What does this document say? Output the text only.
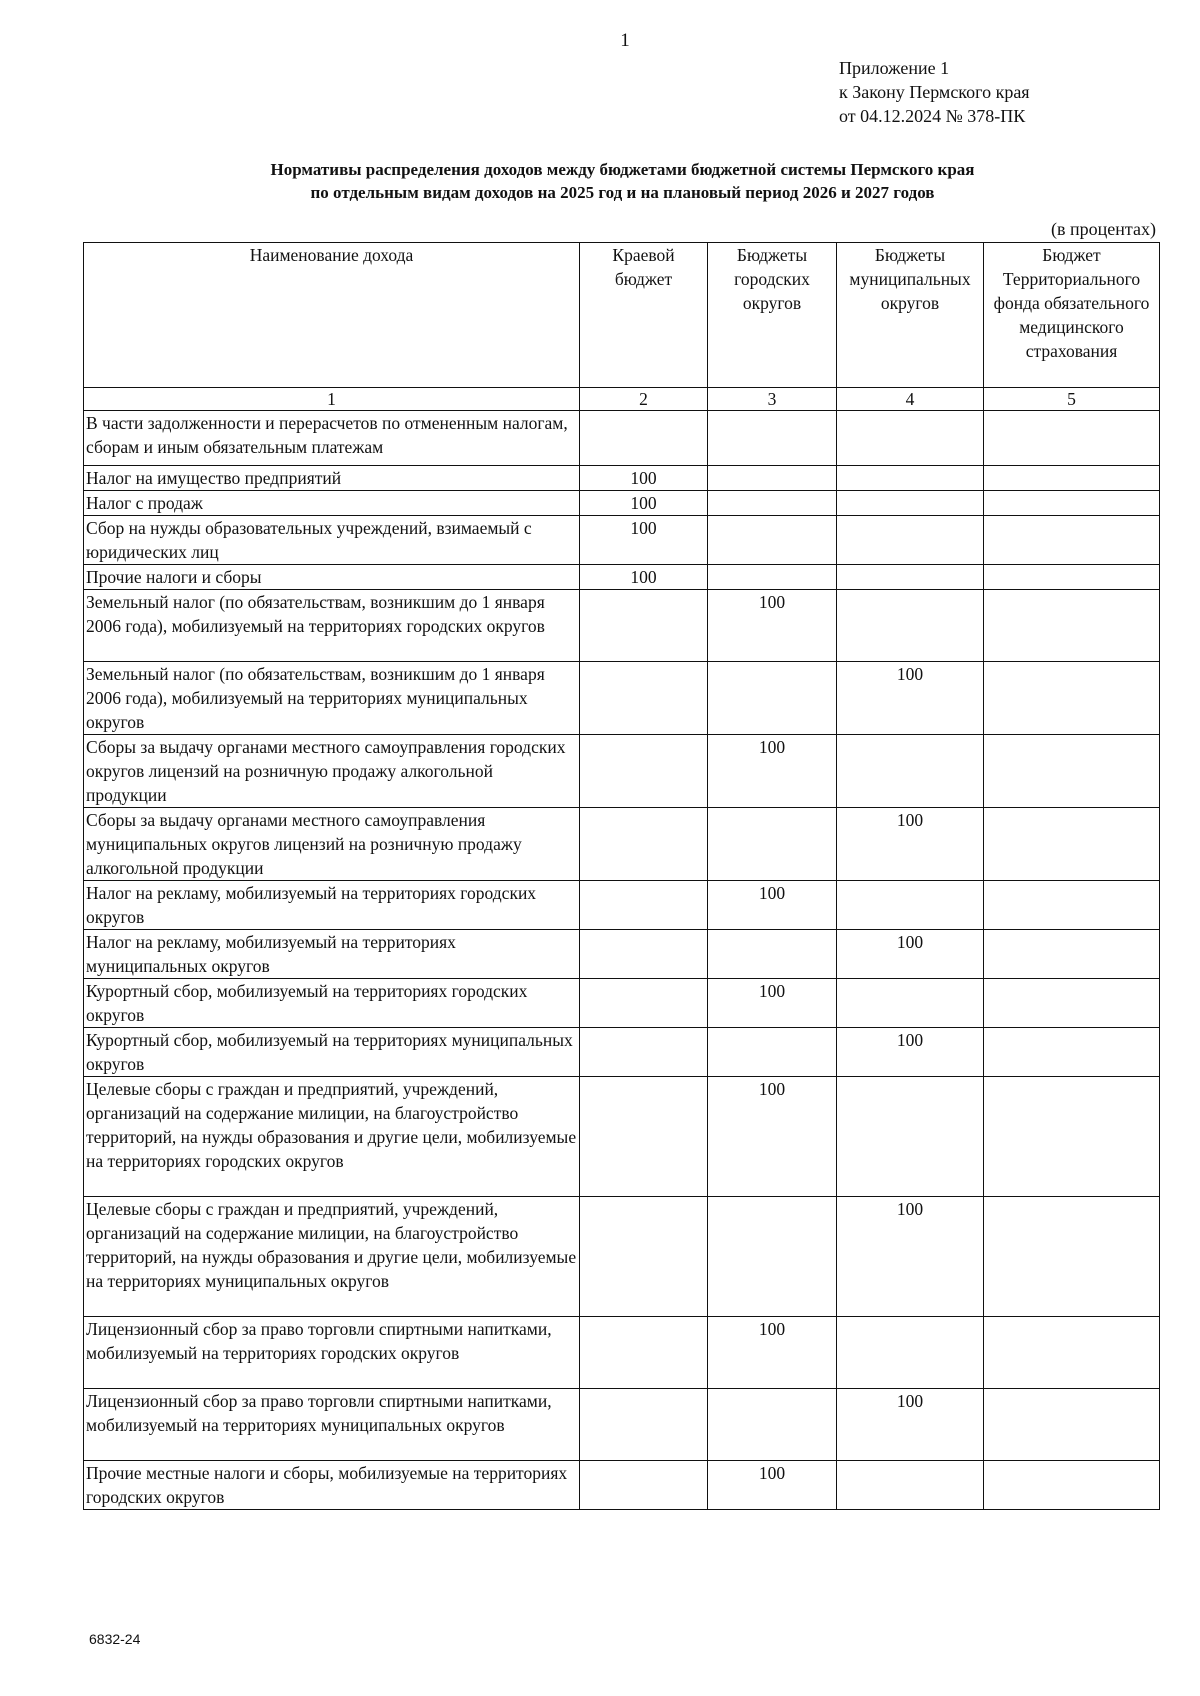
1
Приложение 1
к Закону Пермского края
от 04.12.2024 № 378-ПК
Нормативы распределения доходов между бюджетами бюджетной системы Пермского края
по отдельным видам доходов на 2025 год и на плановый период 2026 и 2027 годов
(в процентах)
Наименование дохода	Краевой бюджет	Бюджеты городских округов	Бюджеты муниципальных округов	Бюджет Территориального фонда обязательного медицинского страхования
1	2	3	4	5
В части задолженности и перерасчетов по отмененным налогам, сборам и иным обязательным платежам				
Налог на имущество предприятий	100			
Налог с продаж	100			
Сбор на нужды образовательных учреждений, взимаемый с юридических лиц	100			
Прочие налоги и сборы	100			
Земельный налог (по обязательствам, возникшим до 1 января 2006 года), мобилизуемый на территориях городских округов		100		
Земельный налог (по обязательствам, возникшим до 1 января 2006 года), мобилизуемый на территориях муниципальных округов			100	
Сборы за выдачу органами местного самоуправления городских округов лицензий на розничную продажу алкогольной продукции		100		
Сборы за выдачу органами местного самоуправления муниципальных округов лицензий на розничную продажу алкогольной продукции			100	
Налог на рекламу, мобилизуемый на территориях городских округов		100		
Налог на рекламу, мобилизуемый на территориях муниципальных округов			100	
Курортный сбор, мобилизуемый на территориях городских округов		100		
Курортный сбор, мобилизуемый на территориях муниципальных округов			100	
Целевые сборы с граждан и предприятий, учреждений, организаций на содержание милиции, на благоустройство территорий, на нужды образования и другие цели, мобилизуемые на территориях городских округов		100		
Целевые сборы с граждан и предприятий, учреждений, организаций на содержание милиции, на благоустройство территорий, на нужды образования и другие цели, мобилизуемые на территориях муниципальных округов			100	
Лицензионный сбор за право торговли спиртными напитками, мобилизуемый на территориях городских округов		100		
Лицензионный сбор за право торговли спиртными напитками, мобилизуемый на территориях муниципальных округов			100	
Прочие местные налоги и сборы, мобилизуемые на территориях городских округов		100		
6832-24
